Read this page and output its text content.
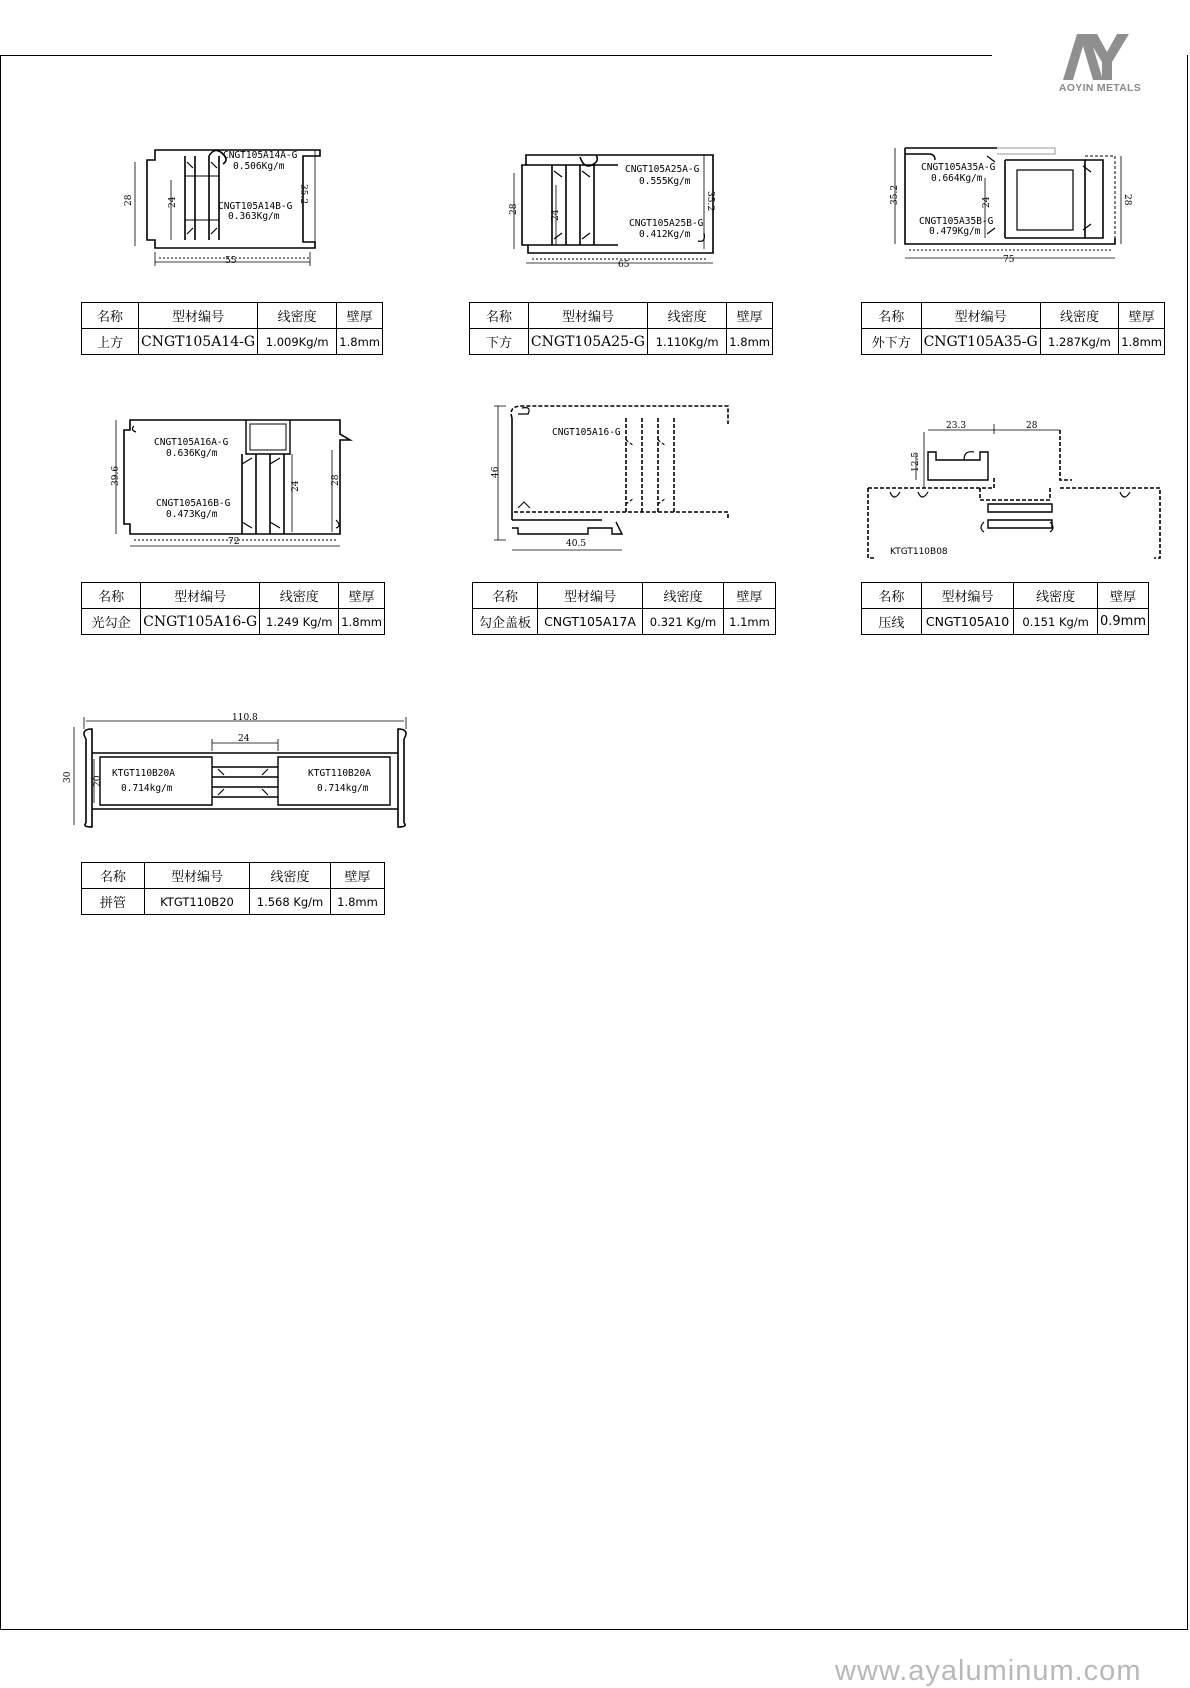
AOYIN METALS
28	24	35.2
55
CNGT105A14A-G
0.506Kg/m
CNGT105A14B-G
0.363Kg/m
名称	型材编号	线密度	壁厚
上方	CNGT105A14-G	1.009Kg/m	1.8mm
28
24
35.2
65
CNGT105A25A-G
0.555Kg/m
CNGT105A25B-G
0.412Kg/m
名称	型材编号	线密度	壁厚
下方	CNGT105A25-G	1.110Kg/m	1.8mm
35.2	24	28
75
CNGT105A35A-G
0.664Kg/m
CNGT105A35B-G
0.479Kg/m
名称	型材编号	线密度	壁厚
外下方	CNGT105A35-G	1.287Kg/m	1.8mm
39.6
24
28
72
CNGT105A16A-G
0.636Kg/m
CNGT105A16B-G
0.473Kg/m
名称	型材编号	线密度	壁厚
光勾企	CNGT105A16-G	1.249 Kg/m	1.8mm
46
40.5
CNGT105A16-G
名称	型材编号	线密度	壁厚
勾企盖板	CNGT105A17A	0.321 Kg/m	1.1mm
23.3	28
12.5
KTGT110B08
名称	型材编号	线密度	壁厚
压线	CNGT105A10	0.151 Kg/m	0.9mm
110.8
24
30 20
KTGT110B20A
0.714kg/m
KTGT110B20A
0.714kg/m
名称	型材编号	线密度	壁厚
拼管	KTGT110B20	1.568 Kg/m	1.8mm
www.ayaluminum.com
